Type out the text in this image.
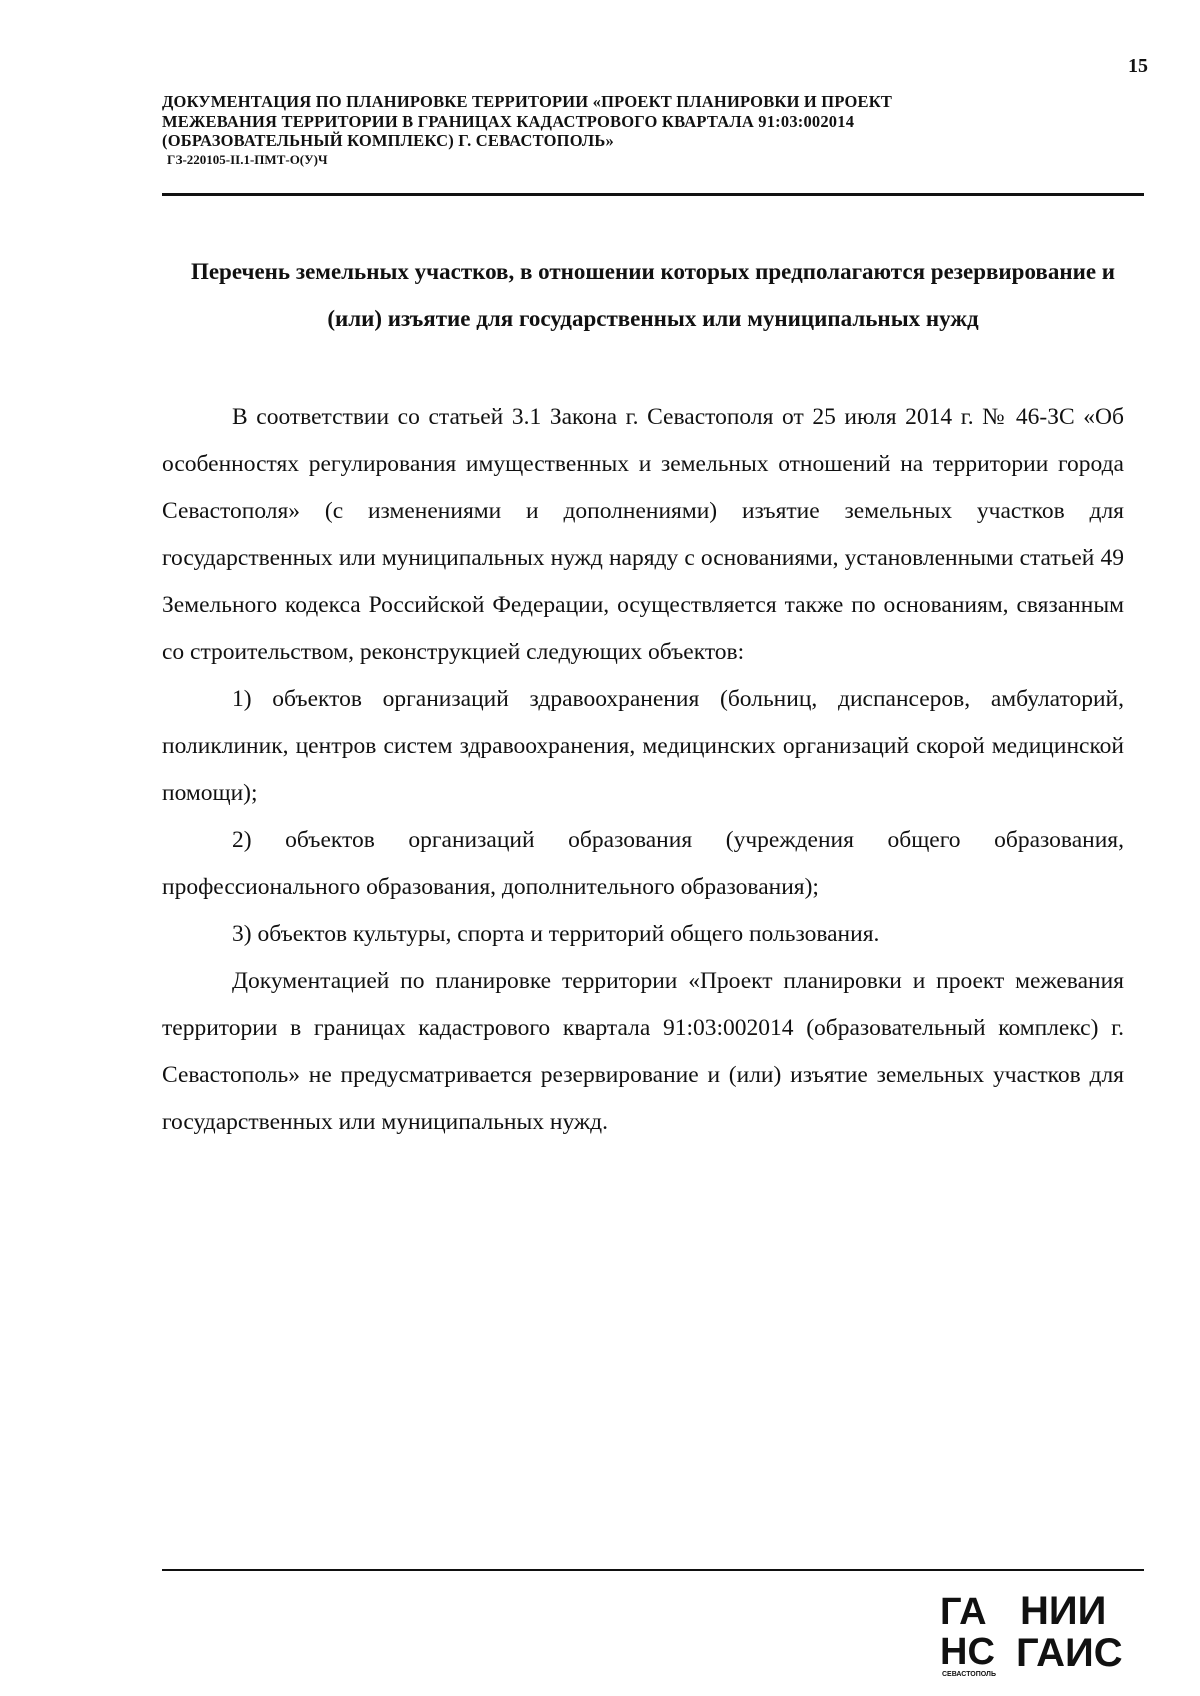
15
ДОКУМЕНТАЦИЯ ПО ПЛАНИРОВКЕ ТЕРРИТОРИИ «ПРОЕКТ ПЛАНИРОВКИ И ПРОЕКТ
МЕЖЕВАНИЯ ТЕРРИТОРИИ В ГРАНИЦАХ КАДАСТРОВОГО КВАРТАЛА 91:03:002014
(ОБРАЗОВАТЕЛЬНЫЙ КОМПЛЕКС) Г. СЕВАСТОПОЛЬ»
ГЗ-220105-II.1-ПМТ-О(У)Ч
Перечень земельных участков, в отношении которых предполагаются резервирование и (или) изъятие для государственных или муниципальных нужд

В соответствии со статьей 3.1 Закона г. Севастополя от 25 июля 2014 г. № 46-ЗС «Об особенностях регулирования имущественных и земельных отношений на территории города Севастополя» (с изменениями и дополнениями) изъятие земельных участков для государственных или муниципальных нужд наряду с основаниями, установленными статьей 49 Земельного кодекса Российской Федерации, осуществляется также по основаниям, связанным со строительством, реконструкцией следующих объектов:

1) объектов организаций здравоохранения (больниц, диспансеров, амбулаторий, поликлиник, центров систем здравоохранения, медицинских организаций скорой медицинской помощи);

2) объектов организаций образования (учреждения общего образования, профессионального образования, дополнительного образования);

3) объектов культуры, спорта и территорий общего пользования.

Документацией по планировке территории «Проект планировки и проект межевания территории в границах кадастрового квартала 91:03:002014 (образовательный комплекс) г. Севастополь» не предусматривается резервирование и (или) изъятие земельных участков для государственных или муниципальных нужд.

ГА
НС
СЕВАСТОПОЛЬ
НИИ
ГАИС
